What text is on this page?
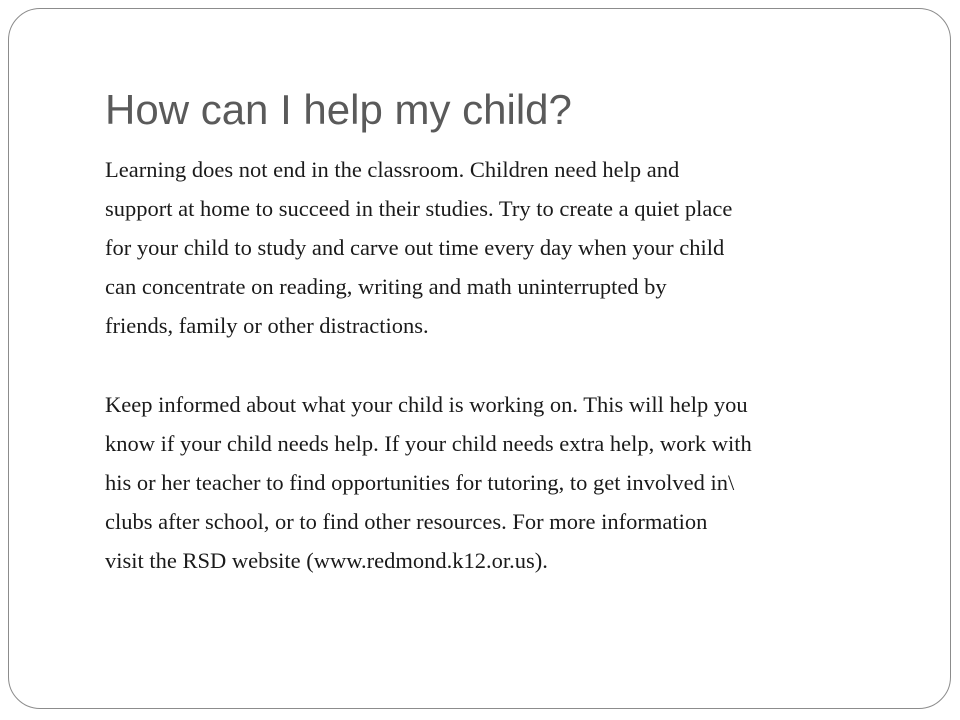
How can I help my child?

Learning does not end in the classroom. Children need help and
support at home to succeed in their studies. Try to create a quiet place
for your child to study and carve out time every day when your child
can concentrate on reading, writing and math uninterrupted by
friends, family or other distractions.

Keep informed about what your child is working on. This will help you
know if your child needs help. If your child needs extra help, work with
his or her teacher to find opportunities for tutoring, to get involved in\
clubs after school, or to find other resources. For more information
visit the RSD website (www.redmond.k12.or.us).
